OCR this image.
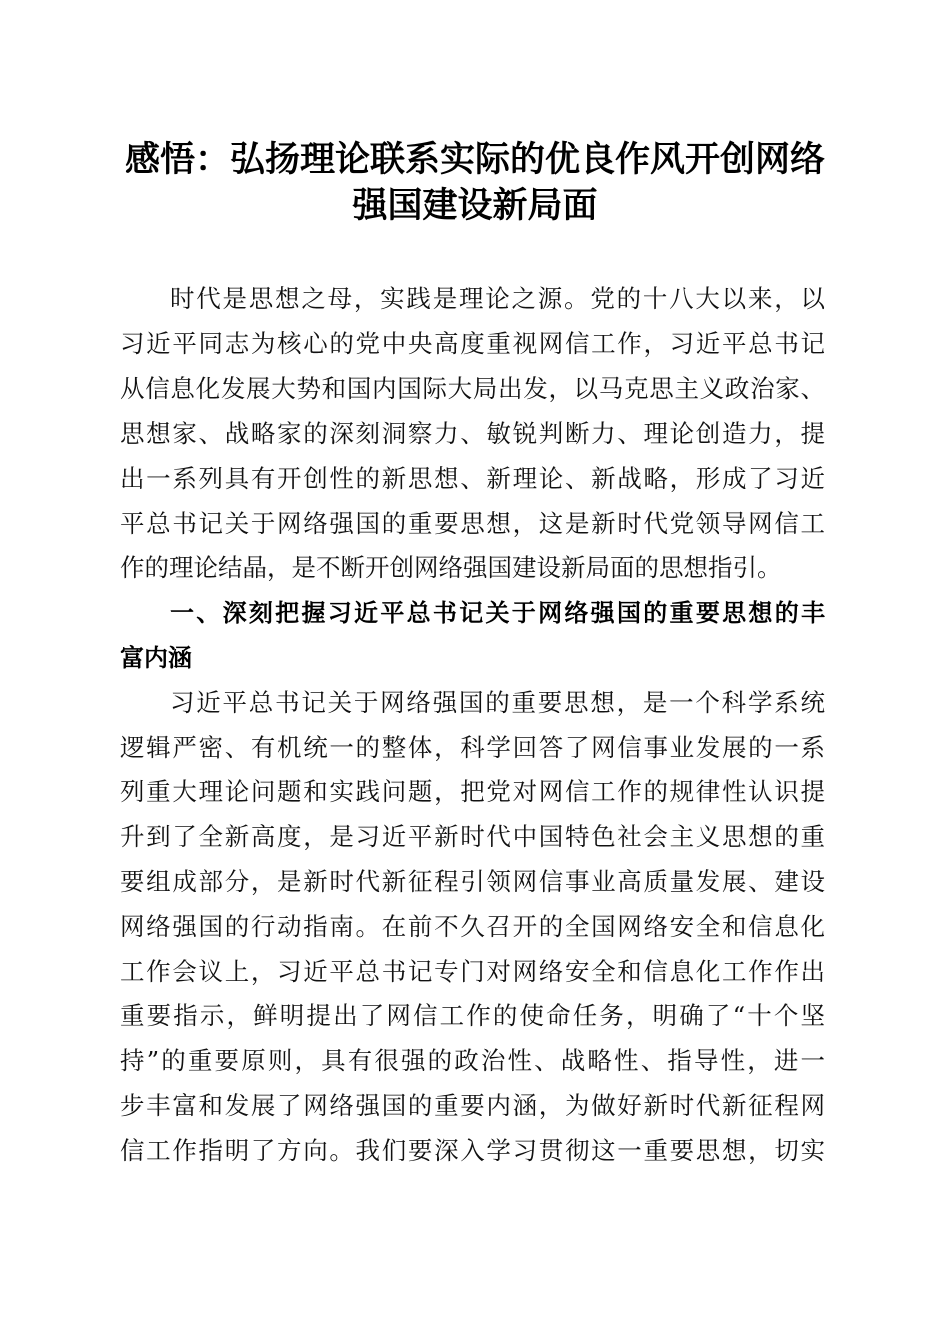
感悟：弘扬理论联系实际的优良作风开创网络
强国建设新局面
时代是思想之母，实践是理论之源。党的十八大以来，以
习近平同志为核心的党中央高度重视网信工作，习近平总书记
从信息化发展大势和国内国际大局出发，以马克思主义政治家、
思想家、战略家的深刻洞察力、敏锐判断力、理论创造力，提
出一系列具有开创性的新思想、新理论、新战略，形成了习近
平总书记关于网络强国的重要思想，这是新时代党领导网信工
作的理论结晶，是不断开创网络强国建设新局面的思想指引。
一、深刻把握习近平总书记关于网络强国的重要思想的丰
富内涵
习近平总书记关于网络强国的重要思想，是一个科学系统
逻辑严密、有机统一的整体，科学回答了网信事业发展的一系
列重大理论问题和实践问题，把党对网信工作的规律性认识提
升到了全新高度，是习近平新时代中国特色社会主义思想的重
要组成部分，是新时代新征程引领网信事业高质量发展、建设
网络强国的行动指南。在前不久召开的全国网络安全和信息化
工作会议上，习近平总书记专门对网络安全和信息化工作作出
重要指示，鲜明提出了网信工作的使命任务，明确了“十个坚
持”的重要原则，具有很强的政治性、战略性、指导性，进一
步丰富和发展了网络强国的重要内涵，为做好新时代新征程网
信工作指明了方向。我们要深入学习贯彻这一重要思想，切实
